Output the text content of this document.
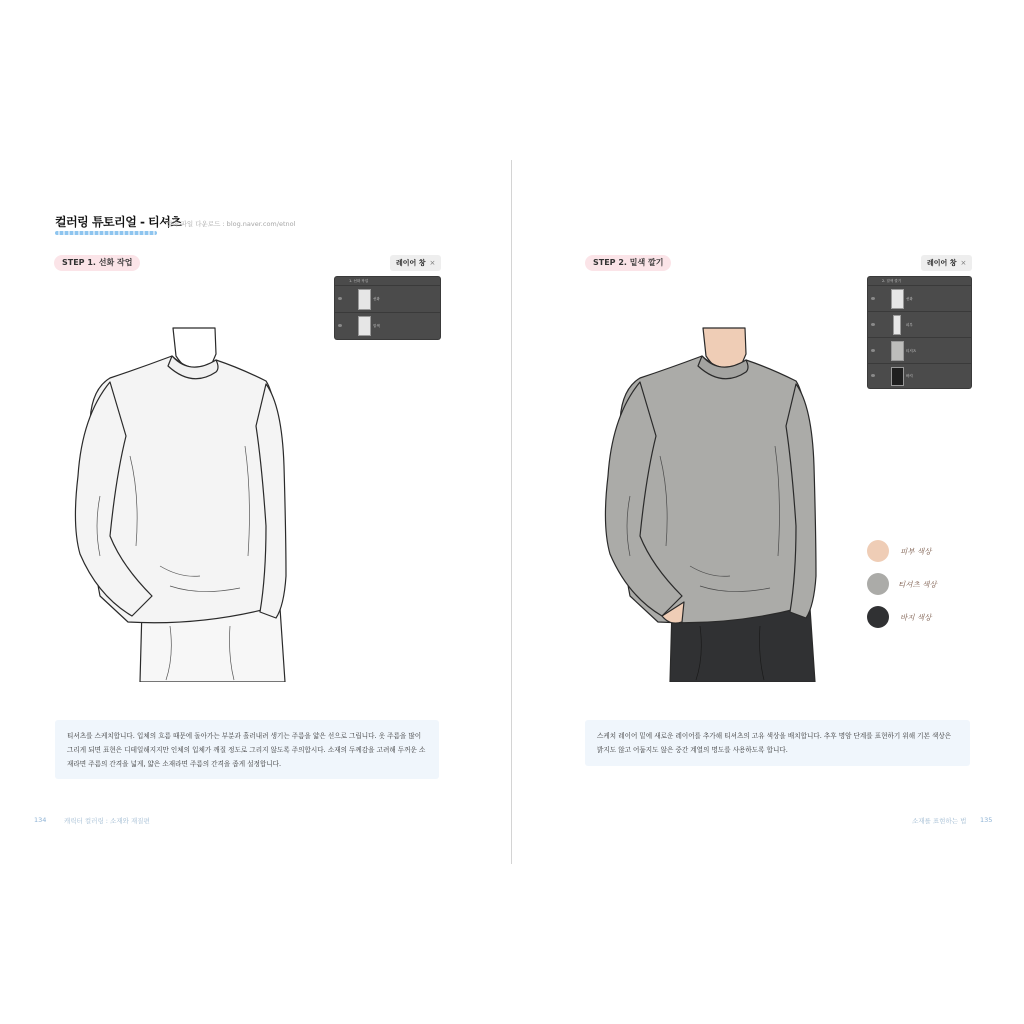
컬러링 튜토리얼 - 티셔츠
선화 파일 다운로드 : blog.naver.com/etnol
STEP 1. 선화 작업	레이어 창 ×
1. 선화 작업
선화
밑색
티셔츠를 스케치합니다. 입체의 흐름 때문에 돌아가는 부분과 흘러내려 생기는 주름을 얇은 선으로 그립니다. 옷 주름을 많이 그리게 되면 표현은 디테일해지지만 인체의 입체가 깨질 정도로 그리지 않도록 주의합시다. 소재의 두께감을 고려해 두꺼운 소재라면 주름의 간격을 넓게, 얇은 소재라면 주름의 간격을 좁게 설정합니다.
134	캐릭터 컬러링 : 소재와 재질편
STEP 2. 밑색 깔기	레이어 창 ×
2. 밑색 깔기
선화
피부
티셔츠
바지
피부 색상
티셔츠 색상
바지 색상
스케치 레이어 밑에 새로운 레이어를 추가해 티셔츠의 고유 색상을 배치합니다. 추후 명암 단계를 표현하기 위해 기본 색상은 밝지도 않고 어둡지도 않은 중간 계열의 명도를 사용하도록 합니다.
소재를 표현하는 법 135
